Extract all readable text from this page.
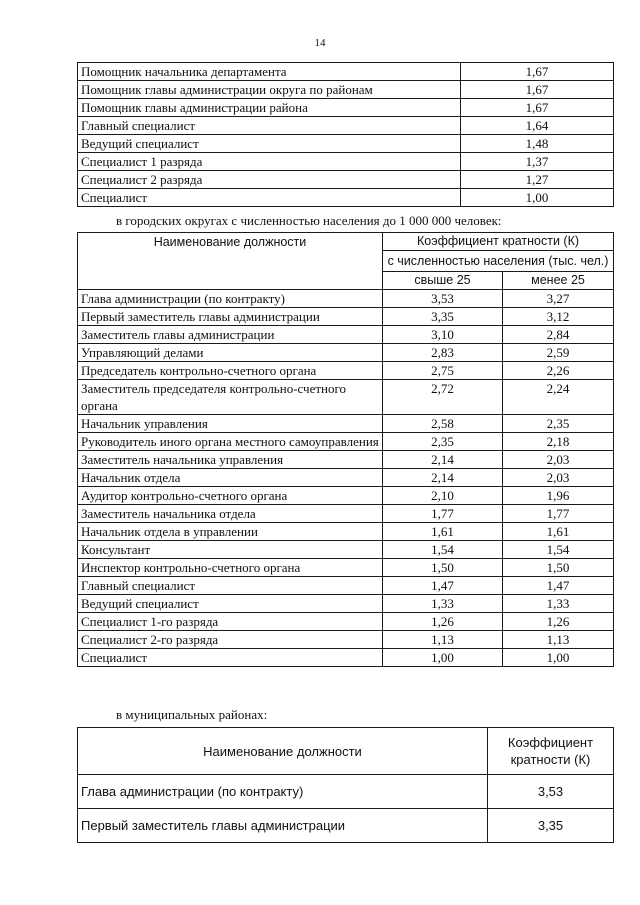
14
Помощник начальника департамента	1,67
Помощник главы администрации округа по районам	1,67
Помощник главы администрации района	1,67
Главный специалист	1,64
Ведущий специалист	1,48
Специалист 1 разряда	1,37
Специалист 2 разряда	1,27
Специалист	1,00
в городских округах с численностью населения до 1 000 000 человек:
Наименование должности	Коэффициент кратности (К)	
	с численностью населения (тыс. чел.)	
	свыше 25	менее 25
Глава администрации (по контракту)	3,53	3,27
Первый заместитель главы администрации	3,35	3,12
Заместитель главы администрации	3,10	2,84
Управляющий делами	2,83	2,59
Председатель контрольно-счетного органа	2,75	2,26
Заместитель председателя контрольно-счетного органа	2,72	2,24
Начальник управления	2,58	2,35
Руководитель иного органа местного самоуправления	2,35	2,18
Заместитель начальника управления	2,14	2,03
Начальник отдела	2,14	2,03
Аудитор контрольно-счетного органа	2,10	1,96
Заместитель начальника отдела	1,77	1,77
Начальник отдела в управлении	1,61	1,61
Консультант	1,54	1,54
Инспектор контрольно-счетного органа	1,50	1,50
Главный специалист	1,47	1,47
Ведущий специалист	1,33	1,33
Специалист 1-го разряда	1,26	1,26
Специалист 2-го разряда	1,13	1,13
Специалист	1,00	1,00
в муниципальных районах:
Наименование должности	Коэффициент кратности (К)
Глава администрации (по контракту)	3,53
Первый заместитель главы администрации	3,35
